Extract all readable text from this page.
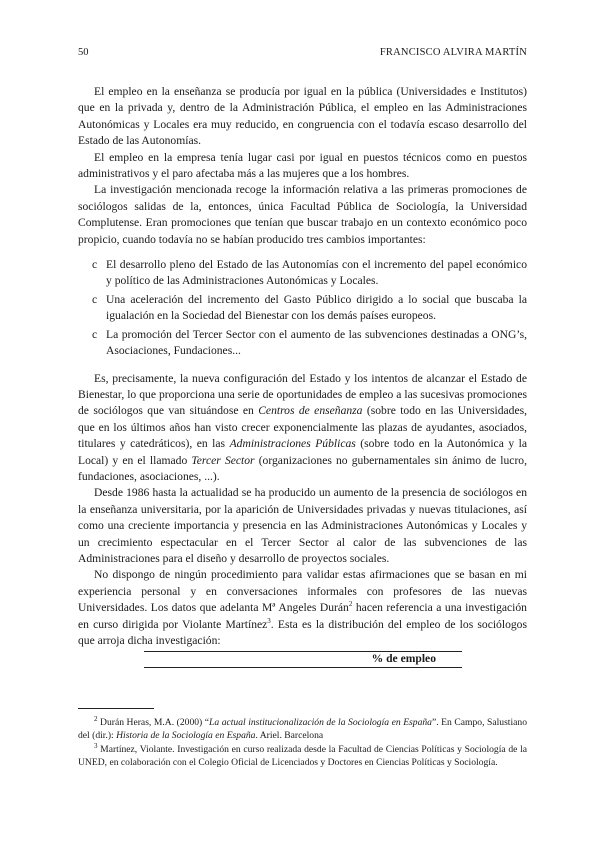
50	FRANCISCO ALVIRA MARTÍN

El empleo en la enseñanza se producía por igual en la pública (Universidades e Institutos) que en la privada y, dentro de la Administración Pública, el empleo en las Administraciones Autonómicas y Locales era muy reducido, en congruencia con el todavía escaso desarrollo del Estado de las Autonomías.

El empleo en la empresa tenía lugar casi por igual en puestos técnicos como en puestos administrativos y el paro afectaba más a las mujeres que a los hombres.

La investigación mencionada recoge la información relativa a las primeras promociones de sociólogos salidas de la, entonces, única Facultad Pública de Sociología, la Universidad Complutense. Eran promociones que tenían que buscar trabajo en un contexto económico poco propicio, cuando todavía no se habían producido tres cambios importantes:

c El desarrollo pleno del Estado de las Autonomías con el incremento del papel económico y político de las Administraciones Autonómicas y Locales.
c Una aceleración del incremento del Gasto Público dirigido a lo social que buscaba la igualación en la Sociedad del Bienestar con los demás países europeos.
c La promoción del Tercer Sector con el aumento de las subvenciones destinadas a ONG’s, Asociaciones, Fundaciones...

Es, precisamente, la nueva configuración del Estado y los intentos de alcanzar el Estado de Bienestar, lo que proporciona una serie de oportunidades de empleo a las sucesivas promociones de sociólogos que van situándose en Centros de enseñanza (sobre todo en las Universidades, que en los últimos años han visto crecer exponencialmente las plazas de ayudantes, asociados, titulares y catedráticos), en las Administraciones Públicas (sobre todo en la Autonómica y la Local) y en el llamado Tercer Sector (organizaciones no gubernamentales sin ánimo de lucro, fundaciones, asociaciones, ...).

Desde 1986 hasta la actualidad se ha producido un aumento de la presencia de sociólogos en la enseñanza universitaria, por la aparición de Universidades privadas y nuevas titulaciones, así como una creciente importancia y presencia en las Administraciones Autonómicas y Locales y un crecimiento espectacular en el Tercer Sector al calor de las subvenciones de las Administraciones para el diseño y desarrollo de proyectos sociales.

No dispongo de ningún procedimiento para validar estas afirmaciones que se basan en mi experiencia personal y en conversaciones informales con profesores de las nuevas Universidades. Los datos que adelanta Mª Angeles Durán$^2$ hacen referencia a una investigación en curso dirigida por Violante Martínez$^3$. Esta es la distribución del empleo de los sociólogos que arroja dicha investigación:

% de empleo

$^2$ Durán Heras, M.A. (2000) “La actual institucionalización de la Sociología en España”. En Campo, Salustiano del (dir.): Historia de la Sociología en España. Ariel. Barcelona

$^3$ Martínez, Violante. Investigación en curso realizada desde la Facultad de Ciencias Políticas y Sociología de la UNED, en colaboración con el Colegio Oficial de Licenciados y Doctores en Ciencias Políticas y Sociología.
